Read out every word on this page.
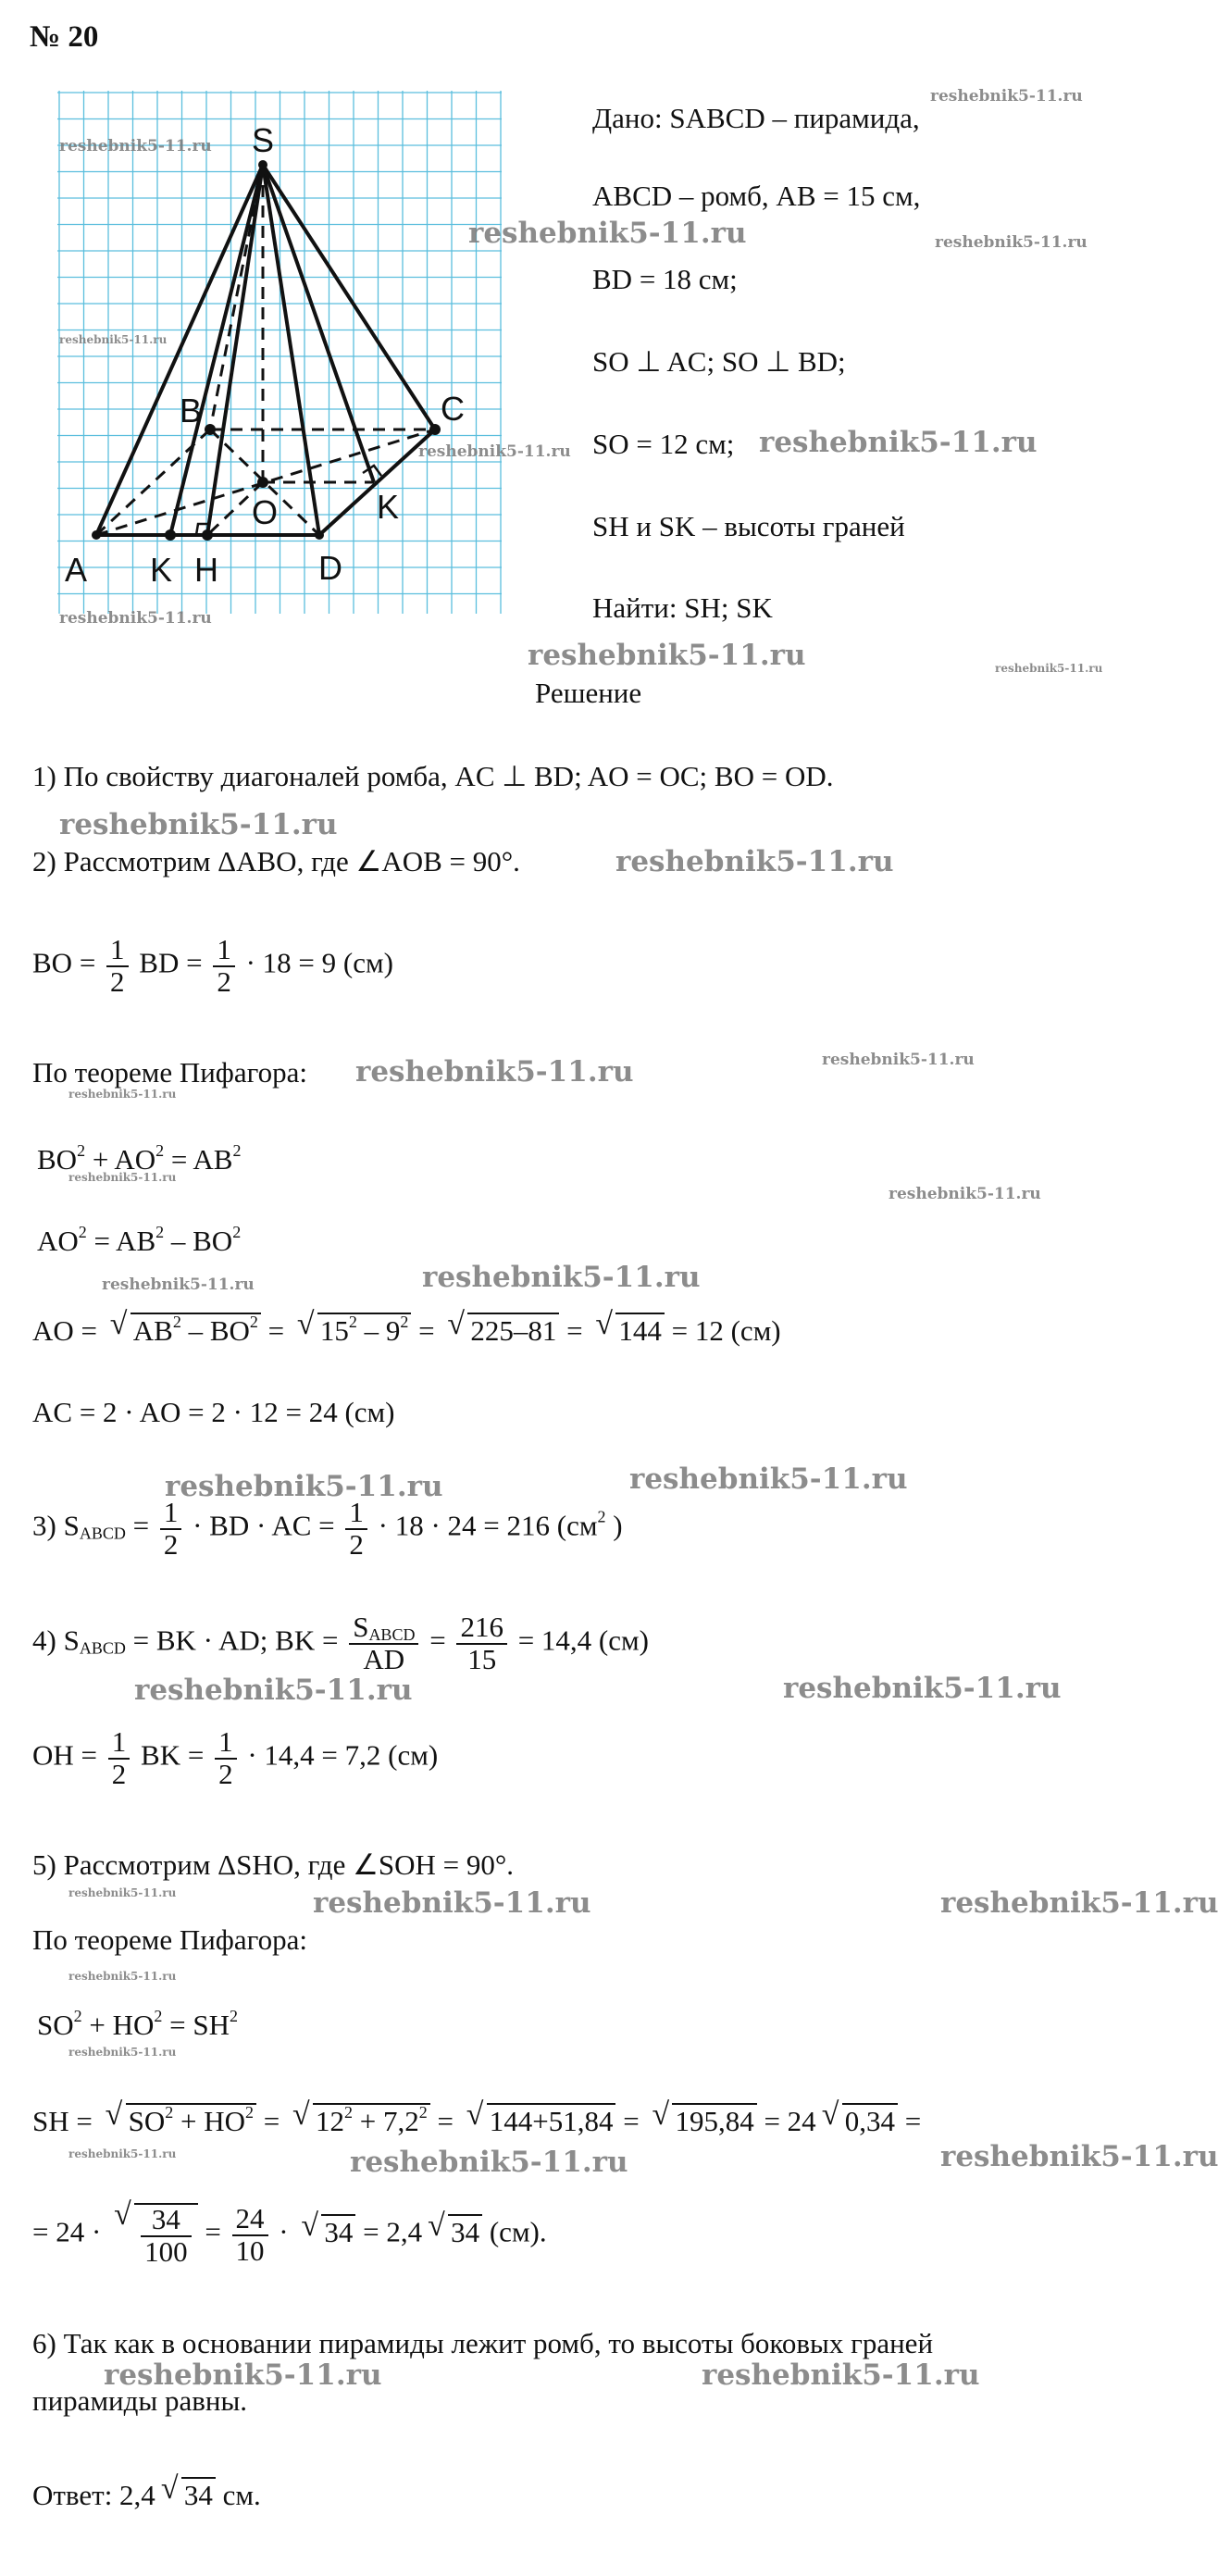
№ 20
S
A
B	C
D
O
H
K
K
Дано: SABCD – пирамида,
ABCD – ромб, AB = 15 см,
BD = 18 см;
SO ⊥ AC; SO ⊥ BD;
SO = 12 см;
SH и SK – высоты граней
Найти: SH; SK
Решение
1) По свойству диагоналей ромба, AC ⊥ BD; AO = OC; BO = OD.
2) Рассмотрим ΔABO, где ∠AOB = 90°.
BO = $\frac{1}{2}$ BD = $\frac{1}{2} \cdot 18 = 9$ (см)
По теореме Пифагора:
$BO^2 + AO^2 = AB^2$
$AO^2 = AB^2 - BO^2$
AO = √ $AB^2 - BO^2$ = √ $15^2 - 9^2$ = √ 225–81 = √ 144 = 12 (см)
AC = 2 · AO = 2 · 12 = 24 (см)
3) $S_{ABCD} = \frac{1}{2}$ · BD · AC = $\frac{1}{2} \cdot 18 \cdot 24 = 216$ ($см^2$ )
4) $S_{ABCD}$ = BK · AD; BK = $\frac{S_{ABCD}}{AD} = \frac{216}{15} = 14,4$ (см)
OH = $\frac{1}{2}$ BK = $\frac{1}{2} \cdot 14,4 = 7,2$ (см)
5) Рассмотрим ΔSHO, где ∠SOH = 90°.
По теореме Пифагора:
$SO^2 + HO^2 = SH^2$
SH = √ $SO^2 + HO^2$ = √ $12^2 + 7,2^2$ = √ 144+51,84 = √ 195,84 = 24 √ 0,34 =
= 24 · √ $\frac{34}{100} = \frac{24}{10}$ · √ 34 = 2,4 √ 34 (см).
6) Так как в основании пирамиды лежит ромб, то высоты боковых граней
пирамиды равны.
Ответ: 2,4 √ 34 см.
reshebnik5-11.ru
reshebnik5-11.ru
reshebnik5-11.ru	reshebnik5-11.ru
reshebnik5-11.ru
reshebnik5-11.ru	reshebnik5-11.ru
reshebnik5-11.ru
reshebnik5-11.ru	reshebnik5-11.ru
reshebnik5-11.ru
reshebnik5-11.ru
reshebnik5-11.ru	reshebnik5-11.ru
reshebnik5-11.ru
reshebnik5-11.ru
reshebnik5-11.ru
reshebnik5-11.ru
reshebnik5-11.ru
reshebnik5-11.ru	reshebnik5-11.ru
reshebnik5-11.ru	reshebnik5-11.ru
reshebnik5-11.ru	reshebnik5-11.ru	reshebnik5-11.ru
reshebnik5-11.ru
reshebnik5-11.ru
reshebnik5-11.ru
reshebnik5-11.ru	reshebnik5-11.ru
reshebnik5-11.ru	reshebnik5-11.ru
